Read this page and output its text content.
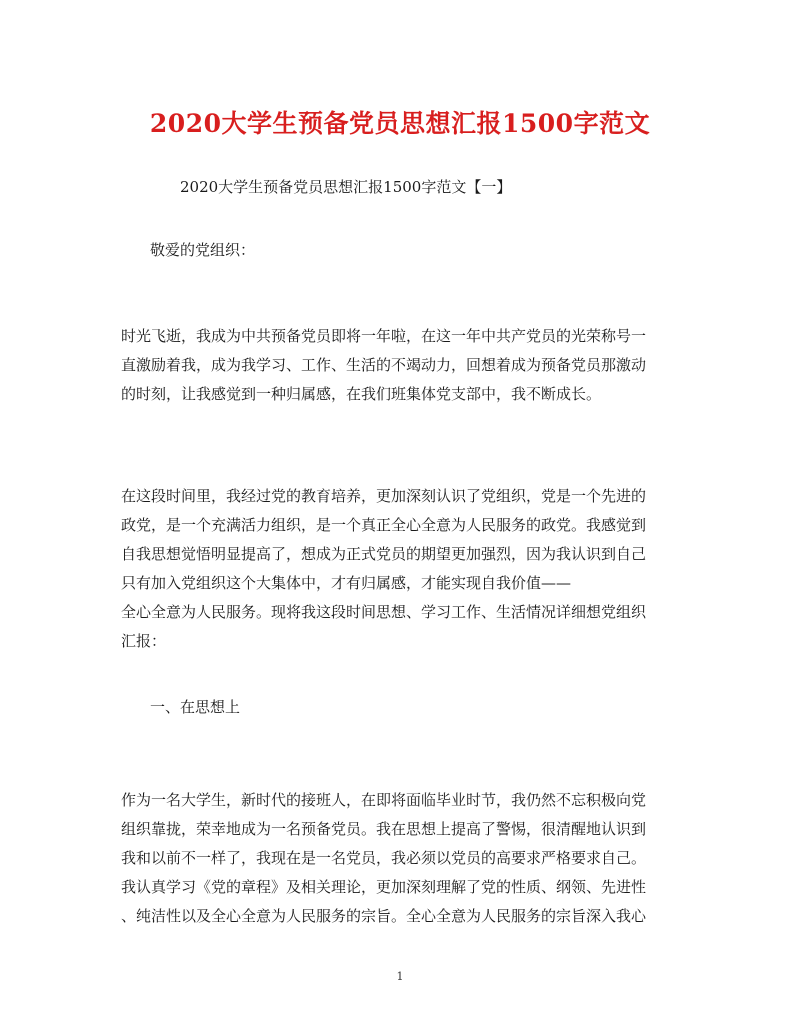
2020大学生预备党员思想汇报1500字范文

2020大学生预备党员思想汇报1500字范文【一】

敬爱的党组织：

时光飞逝，我成为中共预备党员即将一年啦，在这一年中共产党员的光荣称号一
直激励着我，成为我学习、工作、生活的不竭动力，回想着成为预备党员那激动
的时刻，让我感觉到一种归属感，在我们班集体党支部中，我不断成长。

在这段时间里，我经过党的教育培养，更加深刻认识了党组织，党是一个先进的
政党，是一个充满活力组织，是一个真正全心全意为人民服务的政党。我感觉到
自我思想觉悟明显提高了，想成为正式党员的期望更加强烈，因为我认识到自己
只有加入党组织这个大集体中，才有归属感，才能实现自我价值——
全心全意为人民服务。现将我这段时间思想、学习工作、生活情况详细想党组织
汇报：

一、在思想上

作为一名大学生，新时代的接班人，在即将面临毕业时节，我仍然不忘积极向党
组织靠拢，荣幸地成为一名预备党员。我在思想上提高了警惕，很清醒地认识到
我和以前不一样了，我现在是一名党员，我必须以党员的高要求严格要求自己。
我认真学习《党的章程》及相关理论，更加深刻理解了党的性质、纲领、先进性
、纯洁性以及全心全意为人民服务的宗旨。全心全意为人民服务的宗旨深入我心

1
